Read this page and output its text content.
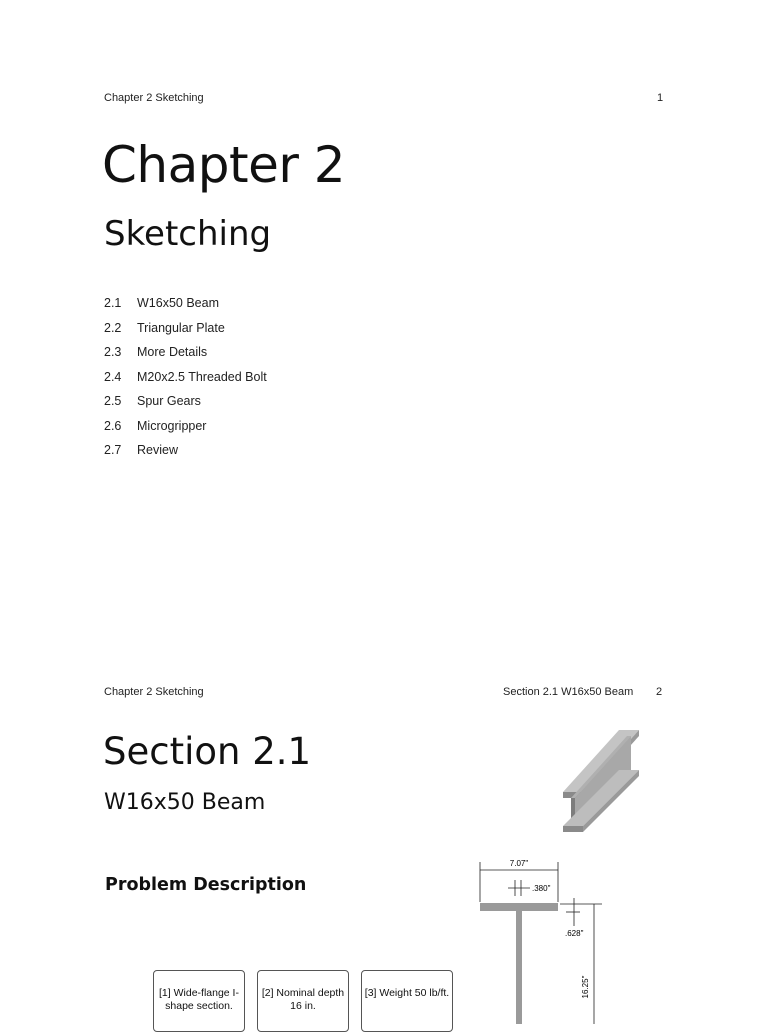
Chapter 2 Sketching	1
Chapter 2
Sketching
2.1	W16x50 Beam
2.2	Triangular Plate
2.3	More Details
2.4	M20x2.5 Threaded Bolt
2.5	Spur Gears
2.6	Microgripper
2.7	Review
Chapter 2 Sketching	Section 2.1 W16x50 Beam 2
Section 2.1
W16x50 Beam
Problem Description
7.07"
.380"
.628"
16.25"
[1] Wide-flange I-shape section.
[2] Nominal depth 16 in.
[3] Weight 50 lb/ft.
